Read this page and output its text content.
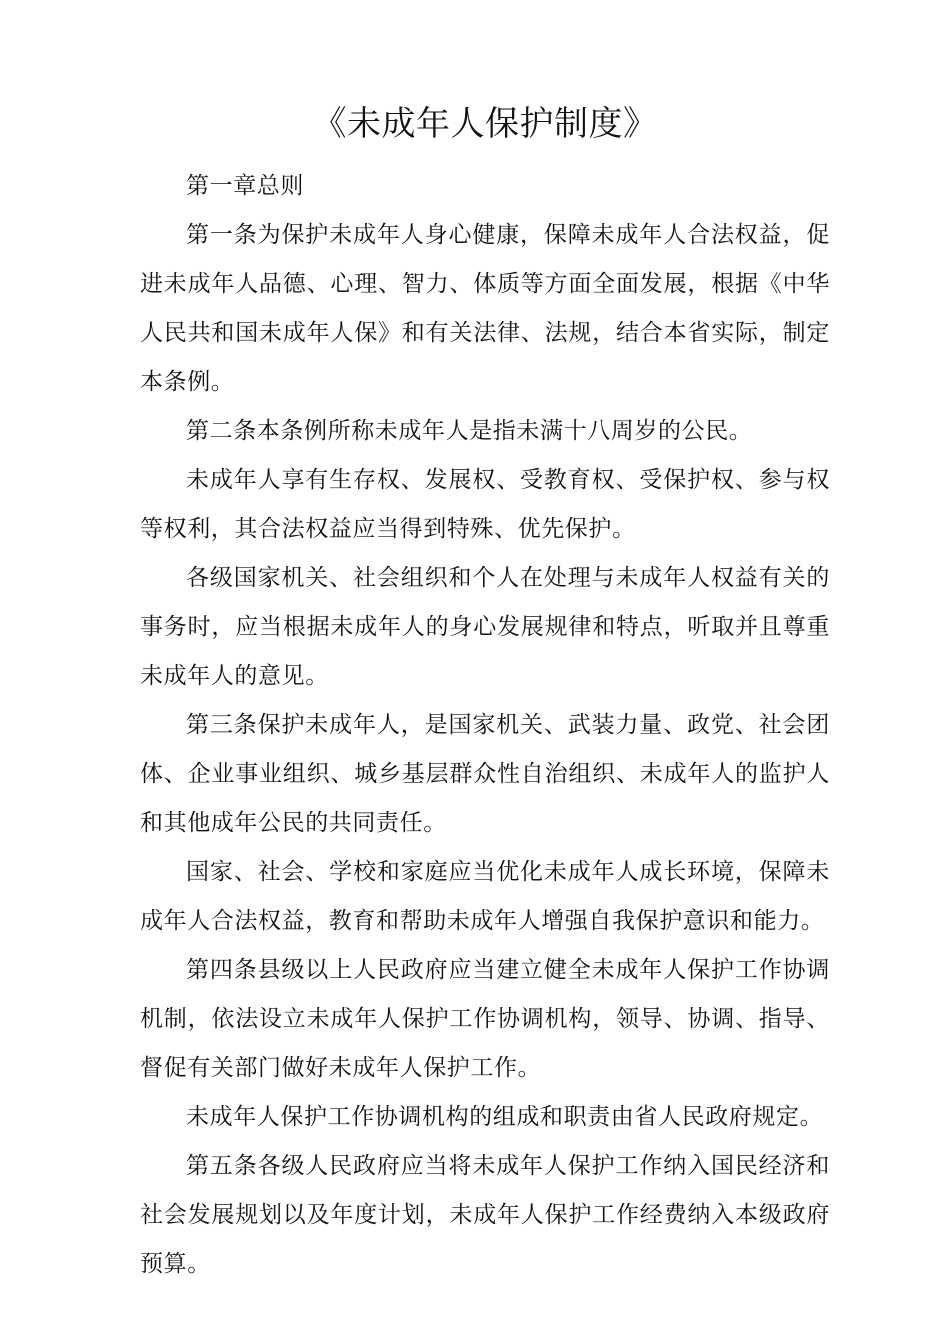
《未成年人保护制度》

第一章总则

第一条为保护未成年人身心健康，保障未成年人合法权益，促进未成年人品德、心理、智力、体质等方面全面发展，根据《中华人民共和国未成年人保》和有关法律、法规，结合本省实际，制定本条例。

第二条本条例所称未成年人是指未满十八周岁的公民。

未成年人享有生存权、发展权、受教育权、受保护权、参与权等权利，其合法权益应当得到特殊、优先保护。

各级国家机关、社会组织和个人在处理与未成年人权益有关的事务时，应当根据未成年人的身心发展规律和特点，听取并且尊重未成年人的意见。

第三条保护未成年人，是国家机关、武装力量、政党、社会团体、企业事业组织、城乡基层群众性自治组织、未成年人的监护人和其他成年公民的共同责任。

国家、社会、学校和家庭应当优化未成年人成长环境，保障未成年人合法权益，教育和帮助未成年人增强自我保护意识和能力。

第四条县级以上人民政府应当建立健全未成年人保护工作协调机制，依法设立未成年人保护工作协调机构，领导、协调、指导、督促有关部门做好未成年人保护工作。

未成年人保护工作协调机构的组成和职责由省人民政府规定。

第五条各级人民政府应当将未成年人保护工作纳入国民经济和社会发展规划以及年度计划，未成年人保护工作经费纳入本级政府预算。
